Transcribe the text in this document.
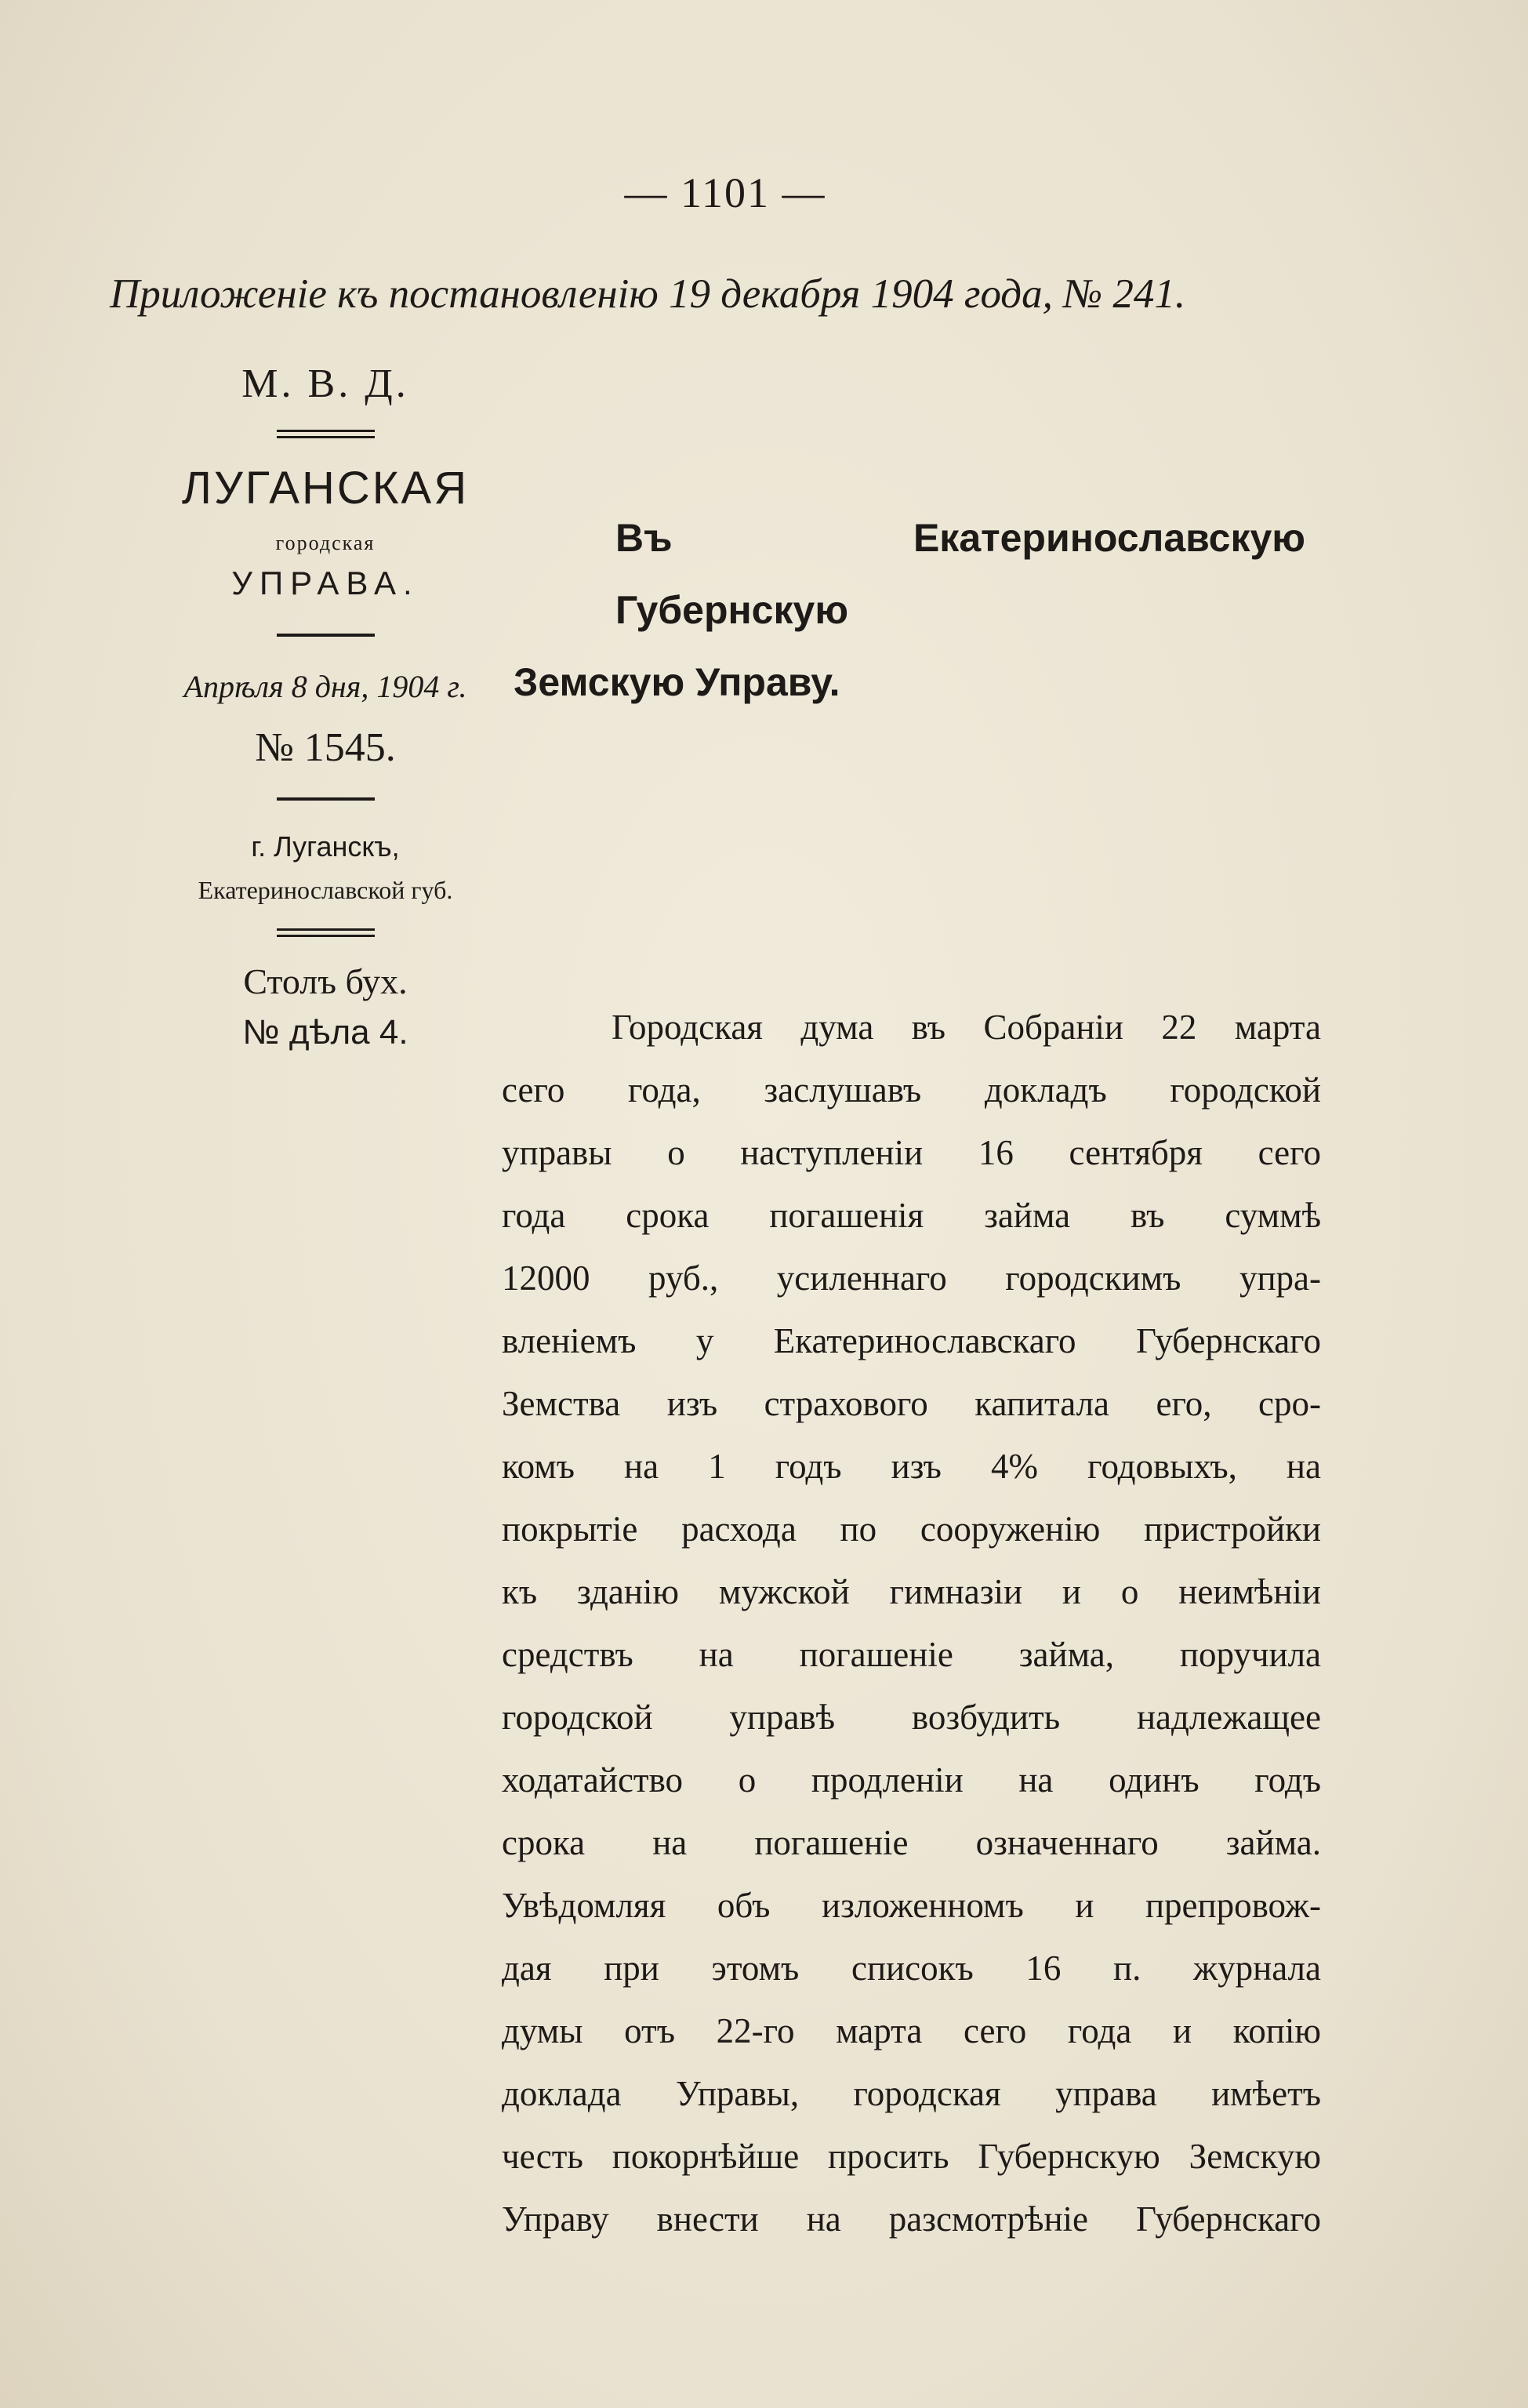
— 1101 —
Приложеніе къ постановленію 19 декабря 1904 года, № 241.
М. В. Д.
ЛУГАНСКАЯ
городская
УПРАВА.
Апрѣля 8 дня, 1904 г.
№ 1545.
г. Луганскъ,
Екатеринославской губ.
Столъ бух.
№ дѣла 4.
Въ Екатеринославскую Губернскую
Земскую Управу.
Городская дума въ Собраніи 22 марта
сего года, заслушавъ докладъ городской
управы о наступленіи 16 сентября сего
года срока погашенія займа въ суммѣ
12000 руб., усиленнаго городскимъ упра-
вленіемъ у Екатеринославскаго Губернскаго
Земства изъ страхового капитала его, сро-
комъ на 1 годъ изъ 4% годовыхъ, на
покрытіе расхода по сооруженію пристройки
къ зданію мужской гимназіи и о неимѣніи
средствъ на погашеніе займа, поручила
городской управѣ возбудить надлежащее
ходатайство о продленіи на одинъ годъ
срока на погашеніе означеннаго займа.
Увѣдомляя объ изложенномъ и препровож-
дая при этомъ списокъ 16 п. журнала
думы отъ 22-го марта сего года и копію
доклада Управы, городская управа имѣетъ
честь покорнѣйше просить Губернскую Земскую
Управу внести на разсмотрѣніе Губернскаго
